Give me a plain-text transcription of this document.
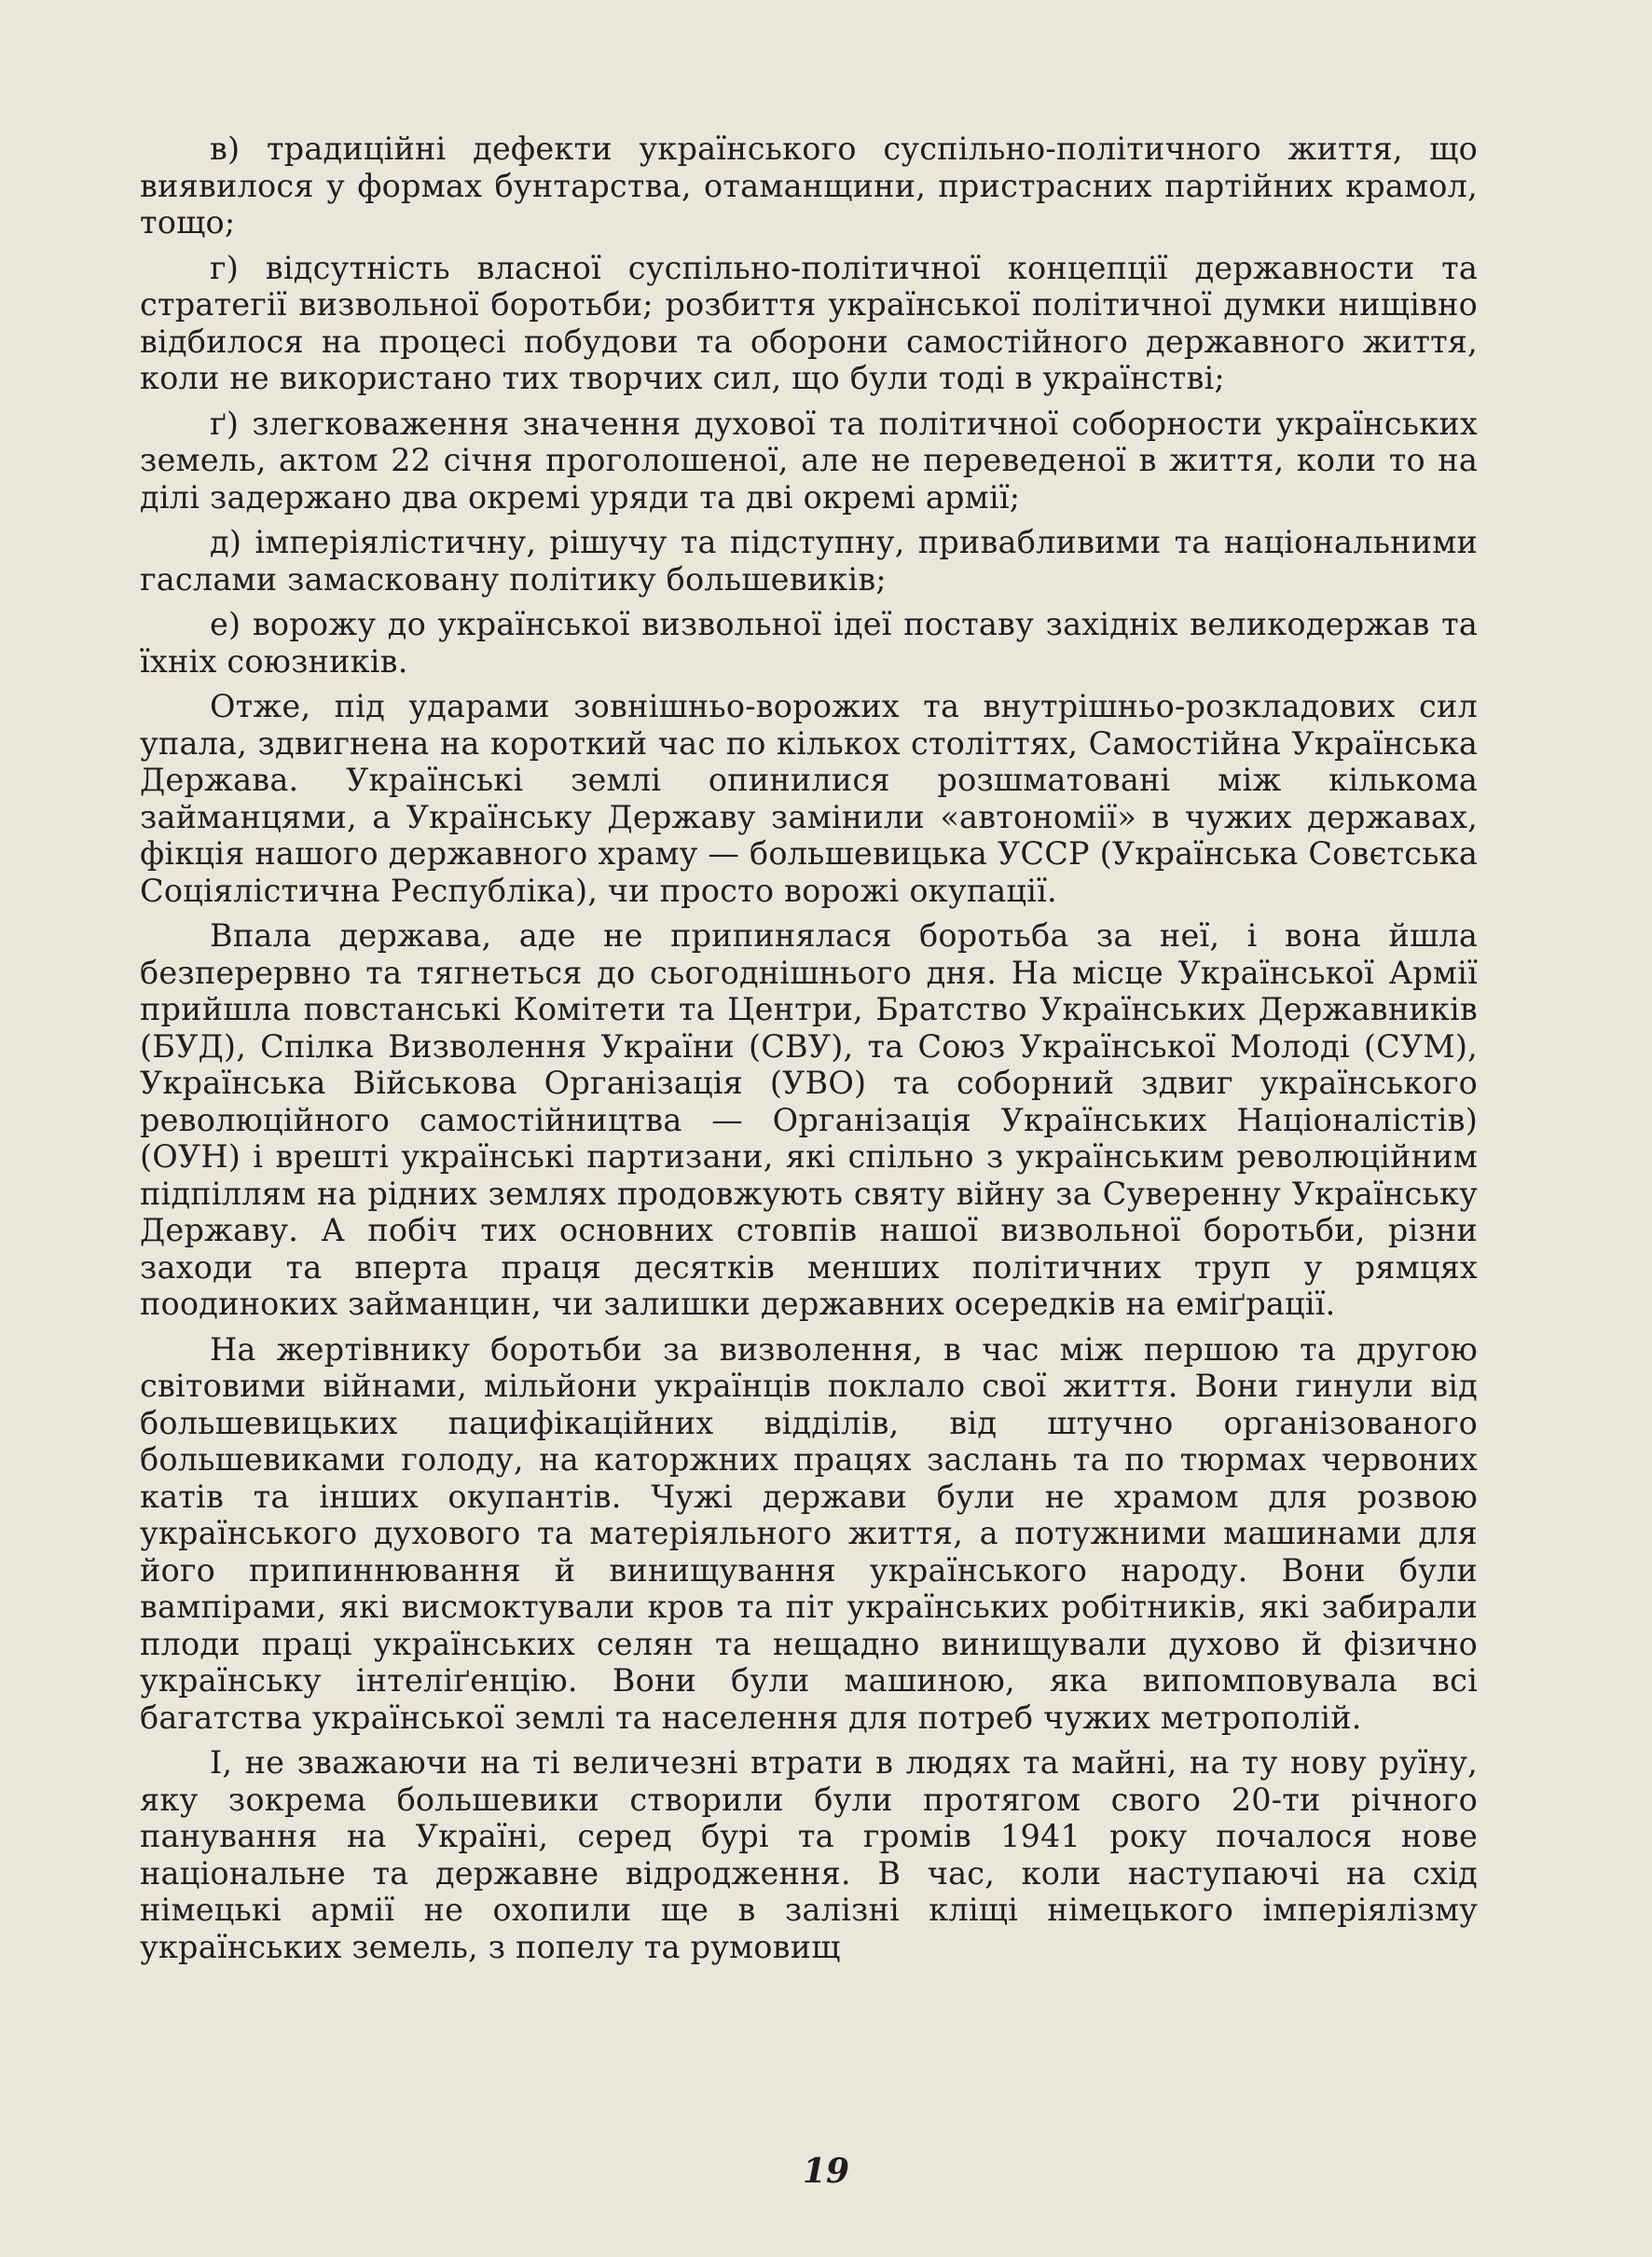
в) традиційні дефекти українського суспільно-політичного життя, що виявилося у формах бунтарства, отаманщини, пристрасних партійних крамол, тощо;

г) відсутність власної суспільно-політичної концепції державности та стратегії визвольної боротьби; розбиття української політичної думки нищівно відбилося на процесі побудови та оборони самостійного державного життя, коли не використано тих творчих сил, що були тоді в українстві;

ґ) злегковаження значення духової та політичної соборности українських земель, актом 22 січня проголошеної, але не переведеної в життя, коли то на ділі задержано два окремі уряди та дві окремі армії;

д) імперіялістичну, рішучу та підступну, привабливими та національними гаслами замасковану політику большевиків;

е) ворожу до української визвольної ідеї поставу західніх великодержав та їхніх союзників.

Отже, під ударами зовнішньо-ворожих та внутрішньо-розкладових сил упала, здвигнена на короткий час по кількох століттях, Самостійна Українська Держава. Українські землі опинилися розшматовані між кількома займанцями, а Українську Державу замінили «автономії» в чужих державах, фікція нашого державного храму — большевицька УССР (Українська Совєтська Соціялістична Республіка), чи просто ворожі окупації.

Впала держава, аде не припинялася боротьба за неї, і вона йшла безперервно та тягнеться до сьогоднішнього дня. На місце Української Армії прийшла повстанські Комітети та Центри, Братство Українських Державників (БУД), Спілка Визволення України (СВУ), та Союз Української Молоді (СУМ), Українська Військова Організація (УВО) та соборний здвиг українського революційного самостійництва — Організація Українських Націоналістів) (ОУН) і врешті українські партизани, які спільно з українським революційним підпіллям на рідних землях продовжують святу війну за Суверенну Українську Державу. А побіч тих основних стовпів нашої визвольної боротьби, різни заходи та вперта праця десятків менших політичних труп у рямцях поодиноких займанцин, чи залишки державних осередків на еміґрації.

На жертівнику боротьби за визволення, в час між першою та другою світовими війнами, мільйони українців поклало свої життя. Вони гинули від большевицьких пацифікаційних відділів, від штучно організованого большевиками голоду, на каторжних працях заслань та по тюрмах червоних катів та інших окупантів. Чужі держави були не храмом для розвою українського духового та матеріяльного життя, а потужними машинами для його припиннювання й винищування українського народу. Вони були вампірами, які висмоктували кров та піт українських робітників, які забирали плоди праці українських селян та нещадно винищували духово й фізично українську інтеліґенцію. Вони були машиною, яка випомповувала всі багатства української землі та населення для потреб чужих метрополій.

І, не зважаючи на ті величезні втрати в людях та майні, на ту нову руїну, яку зокрема большевики створили були протягом свого 20-ти річного панування на Україні, серед бурі та громів 1941 року почалося нове національне та державне відродження. В час, коли наступаючі на схід німецькі армії не охопили ще в залізні кліщі німецького імперіялізму українських земель, з попелу та румовищ

19
